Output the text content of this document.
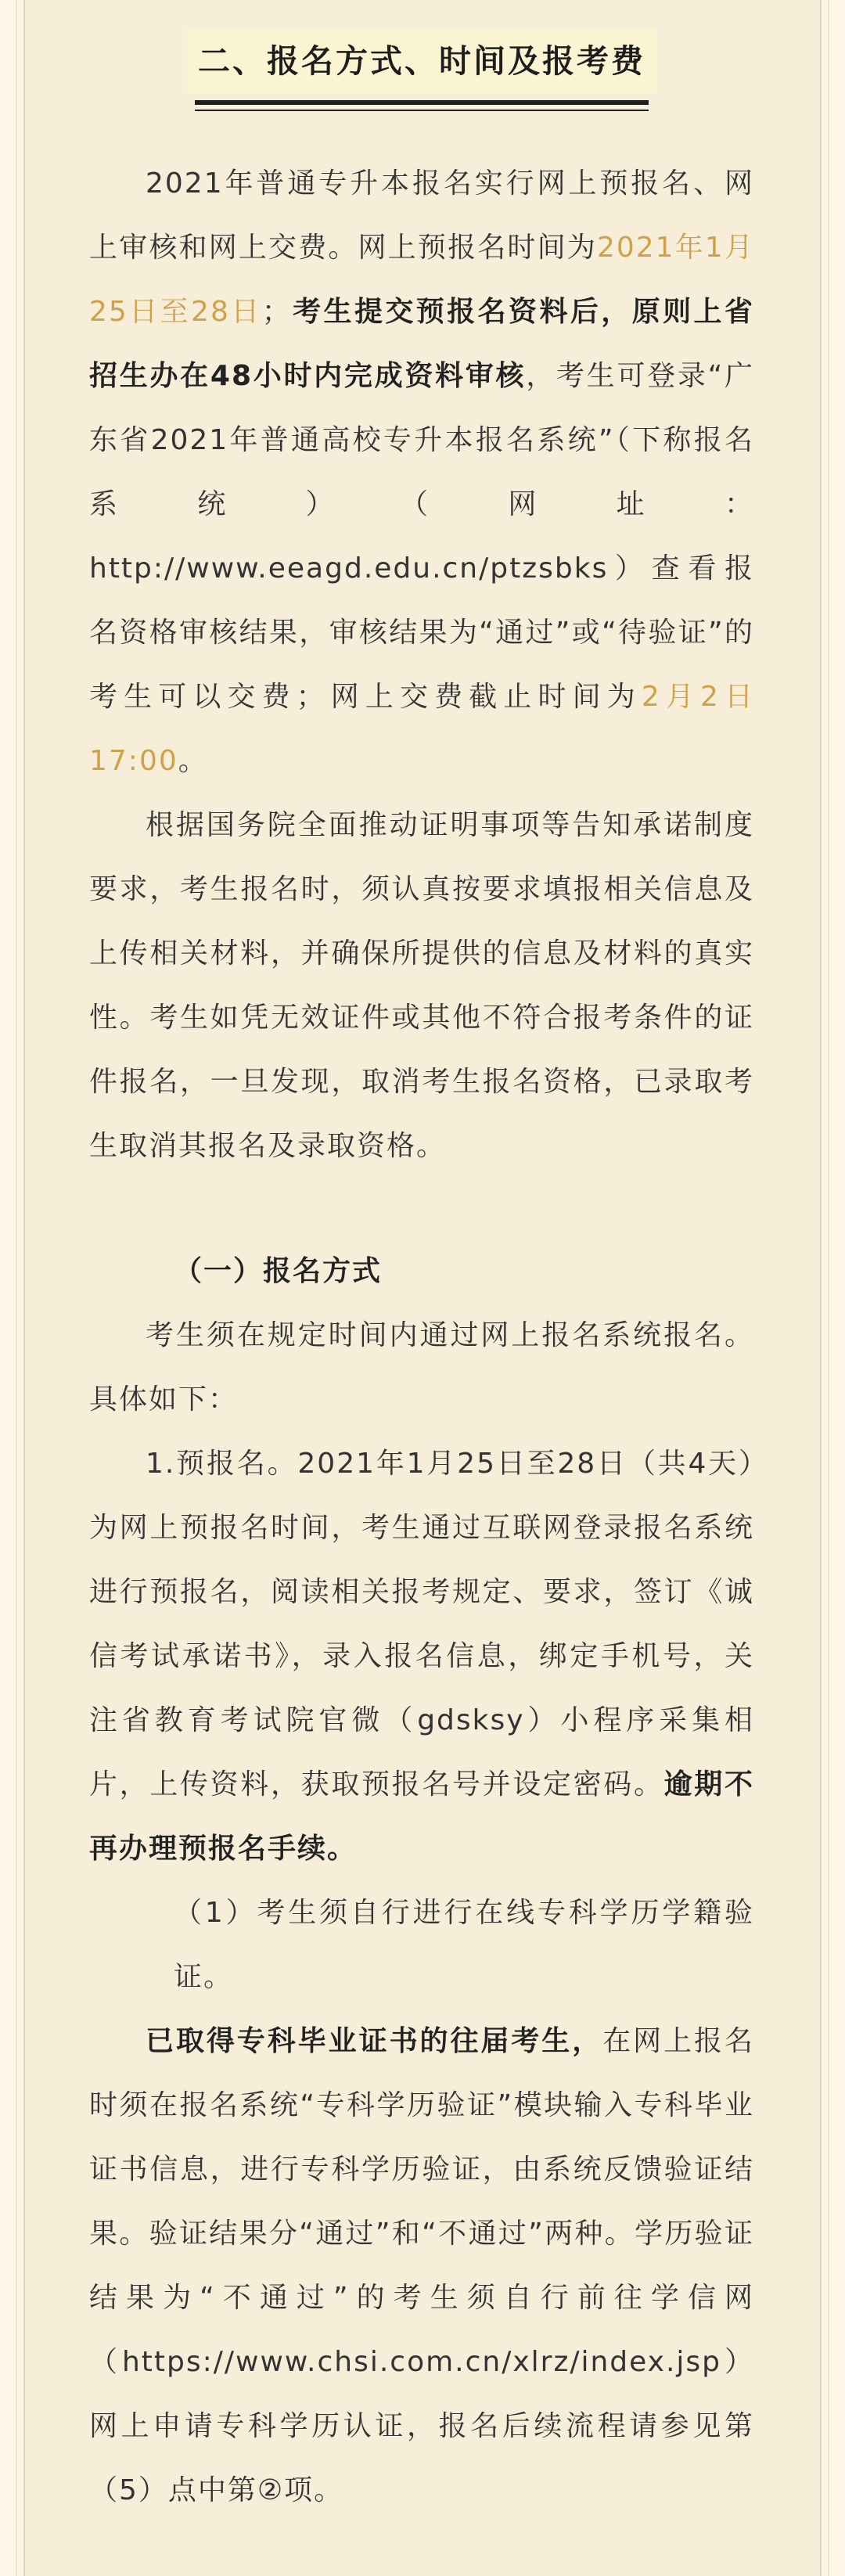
二、报名方式、时间及报考费

2021年普通专升本报名实行网上预报名、网上审核和网上交费。网上预报名时间为2021年1月25日至28日；考生提交预报名资料后，原则上省招生办在48小时内完成资料审核，考生可登录“广东省2021年普通高校专升本报名系统”（下称报名系统）（网址：http://www.eeagd.edu.cn/ptzsbks）查看报名资格审核结果，审核结果为“通过”或“待验证”的考生可以交费；网上交费截止时间为2月2日17:00。

根据国务院全面推动证明事项等告知承诺制度要求，考生报名时，须认真按要求填报相关信息及上传相关材料，并确保所提供的信息及材料的真实性。考生如凭无效证件或其他不符合报考条件的证件报名，一旦发现，取消考生报名资格，已录取考生取消其报名及录取资格。

（一）报名方式

考生须在规定时间内通过网上报名系统报名。具体如下：

1.预报名。2021年1月25日至28日（共4天）为网上预报名时间，考生通过互联网登录报名系统进行预报名，阅读相关报考规定、要求，签订《诚信考试承诺书》，录入报名信息，绑定手机号，关注省教育考试院官微（gdsksy）小程序采集相片，上传资料，获取预报名号并设定密码。逾期不再办理预报名手续。

（1）考生须自行进行在线专科学历学籍验证。

已取得专科毕业证书的往届考生，在网上报名时须在报名系统“专科学历验证”模块输入专科毕业证书信息，进行专科学历验证，由系统反馈验证结果。验证结果分“通过”和“不通过”两种。学历验证结果为“不通过”的考生须自行前往学信网（https://www.chsi.com.cn/xlrz/index.jsp）网上申请专科学历认证，报名后续流程请参见第（5）点中第②项。
